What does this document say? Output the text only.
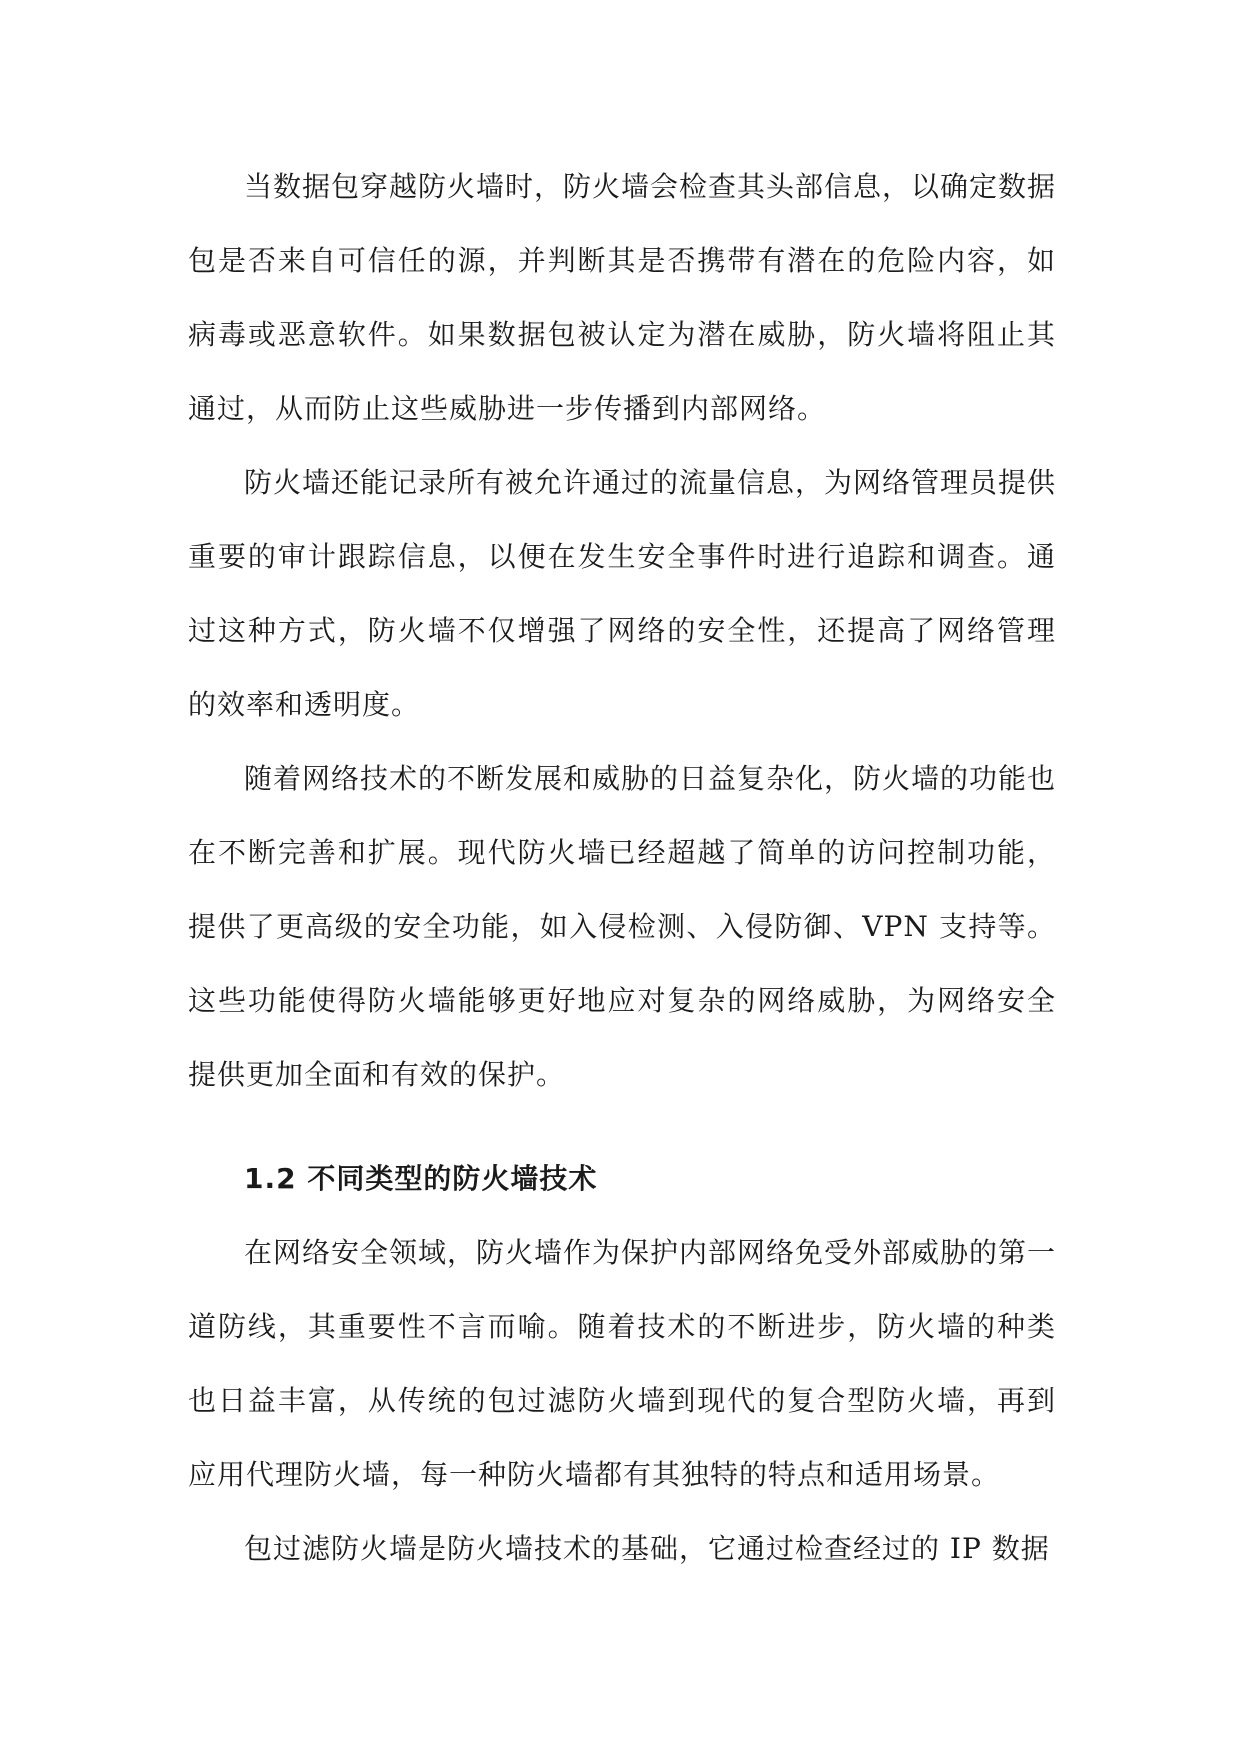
当数据包穿越防火墙时，防火墙会检查其头部信息，以确定数据包是否来自可信任的源，并判断其是否携带有潜在的危险内容，如病毒或恶意软件。如果数据包被认定为潜在威胁，防火墙将阻止其通过，从而防止这些威胁进一步传播到内部网络。

防火墙还能记录所有被允许通过的流量信息，为网络管理员提供重要的审计跟踪信息，以便在发生安全事件时进行追踪和调查。通过这种方式，防火墙不仅增强了网络的安全性，还提高了网络管理的效率和透明度。

随着网络技术的不断发展和威胁的日益复杂化，防火墙的功能也在不断完善和扩展。现代防火墙已经超越了简单的访问控制功能，提供了更高级的安全功能，如入侵检测、入侵防御、VPN 支持等。这些功能使得防火墙能够更好地应对复杂的网络威胁，为网络安全提供更加全面和有效的保护。

1.2 不同类型的防火墙技术

在网络安全领域，防火墙作为保护内部网络免受外部威胁的第一道防线，其重要性不言而喻。随着技术的不断进步，防火墙的种类也日益丰富，从传统的包过滤防火墙到现代的复合型防火墙，再到应用代理防火墙，每一种防火墙都有其独特的特点和适用场景。

包过滤防火墙是防火墙技术的基础，它通过检查经过的 IP 数据
